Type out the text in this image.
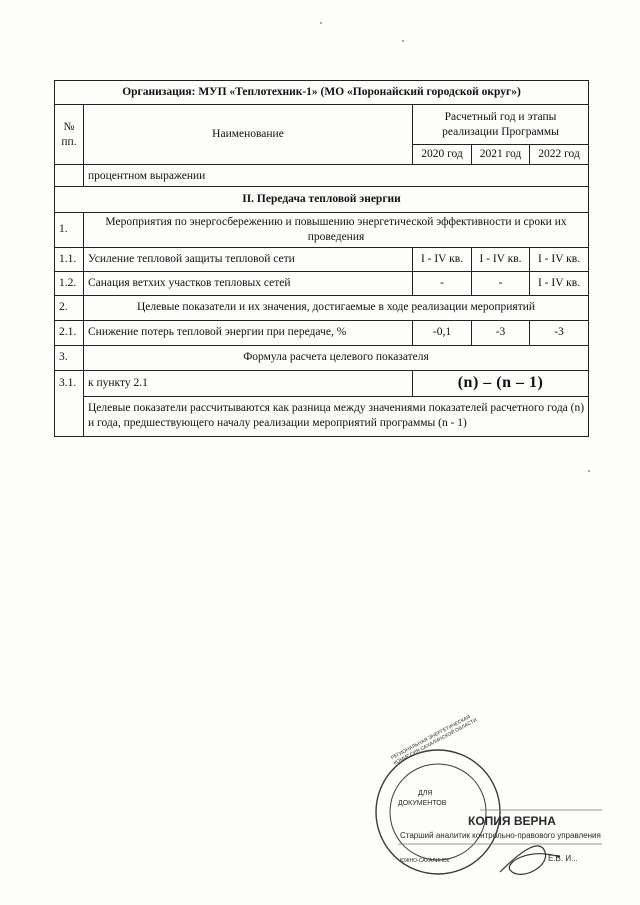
Организация: МУП «Теплотехник-1» (МО «Поронайский городской округ»)				
№ пп.	Наименование	Расчетный год и этапы реализации Программы		
		2020 год	2021 год	2022 год
	процентном выражении			
II. Передача тепловой энергии				
1.	Мероприятия по энергосбережению и повышению энергетической эффективности и сроки их проведения			
1.1.	Усиление тепловой защиты тепловой сети	I - IV кв.	I - IV кв.	I - IV кв.
1.2.	Санация ветхих участков тепловых сетей	-	-	I - IV кв.
2.	Целевые показатели и их значения, достигаемые в ходе реализации мероприятий			
2.1.	Снижение потерь тепловой энергии при передаче, %	-0,1	-3	-3
3.	Формула расчета целевого показателя			
3.1.	к пункту 2.1	(n) – (n – 1)		
	Целевые показатели рассчитываются как разница между значениями показателей расчетного года (n) и года, предшествующего началу реализации мероприятий программы (n - 1)			
РЕГИОНАЛЬНАЯ ЭНЕРГЕТИЧЕСКАЯ КОМИССИЯ САХАЛИНСКОЙ ОБЛАСТИ
ДЛЯ
ДОКУМЕНТОВ
ЮЖНО-САХАЛИНСК
КОПИЯ ВЕРНА
Старший аналитик контрольно-правового управления
Е.В. И...
